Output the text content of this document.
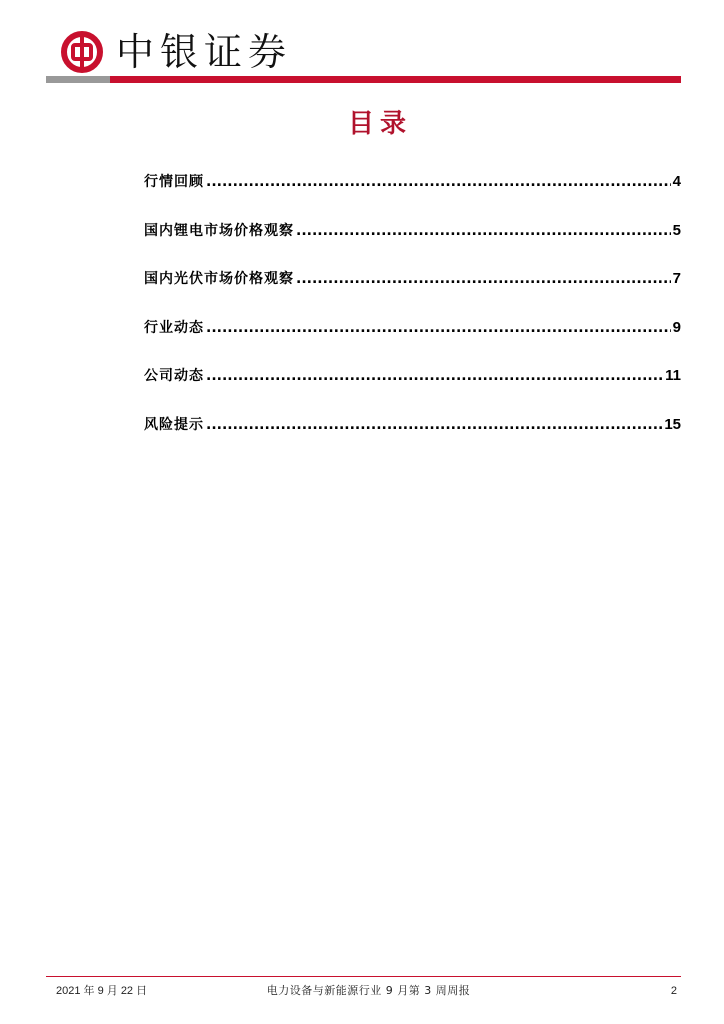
中银证券
目录
行情回顾 .....	4
国内锂电市场价格观察 .....	5
国内光伏市场价格观察 .....	7
行业动态 .....	9
公司动态 .....	11
风险提示 .....	15
2021 年 9 月 22 日	电力设备与新能源行业 9 月第 3 周周报	2
